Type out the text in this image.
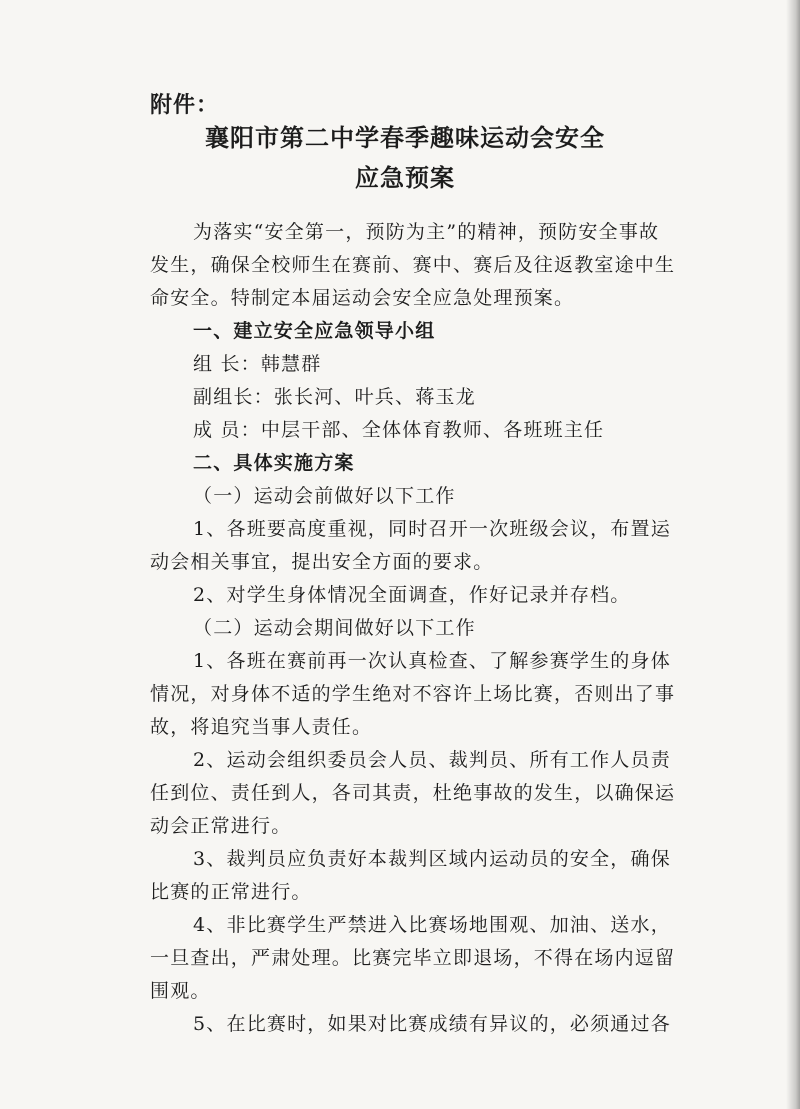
附件：
襄阳市第二中学春季趣味运动会安全
应急预案
为落实“安全第一，预防为主”的精神，预防安全事故
发生，确保全校师生在赛前、赛中、赛后及往返教室途中生
命安全。特制定本届运动会安全应急处理预案。
一、建立安全应急领导小组
组 长：韩慧群
副组长：张长河、叶兵、蒋玉龙
成 员：中层干部、全体体育教师、各班班主任
二、具体实施方案
（一）运动会前做好以下工作
1、各班要高度重视，同时召开一次班级会议，布置运
动会相关事宜，提出安全方面的要求。
2、对学生身体情况全面调查，作好记录并存档。
（二）运动会期间做好以下工作
1、各班在赛前再一次认真检查、了解参赛学生的身体
情况，对身体不适的学生绝对不容许上场比赛，否则出了事
故，将追究当事人责任。
2、运动会组织委员会人员、裁判员、所有工作人员责
任到位、责任到人，各司其责，杜绝事故的发生，以确保运
动会正常进行。
3、裁判员应负责好本裁判区域内运动员的安全，确保
比赛的正常进行。
4、非比赛学生严禁进入比赛场地围观、加油、送水，
一旦查出，严肃处理。比赛完毕立即退场，不得在场内逗留
围观。
5、在比赛时，如果对比赛成绩有异议的，必须通过各
